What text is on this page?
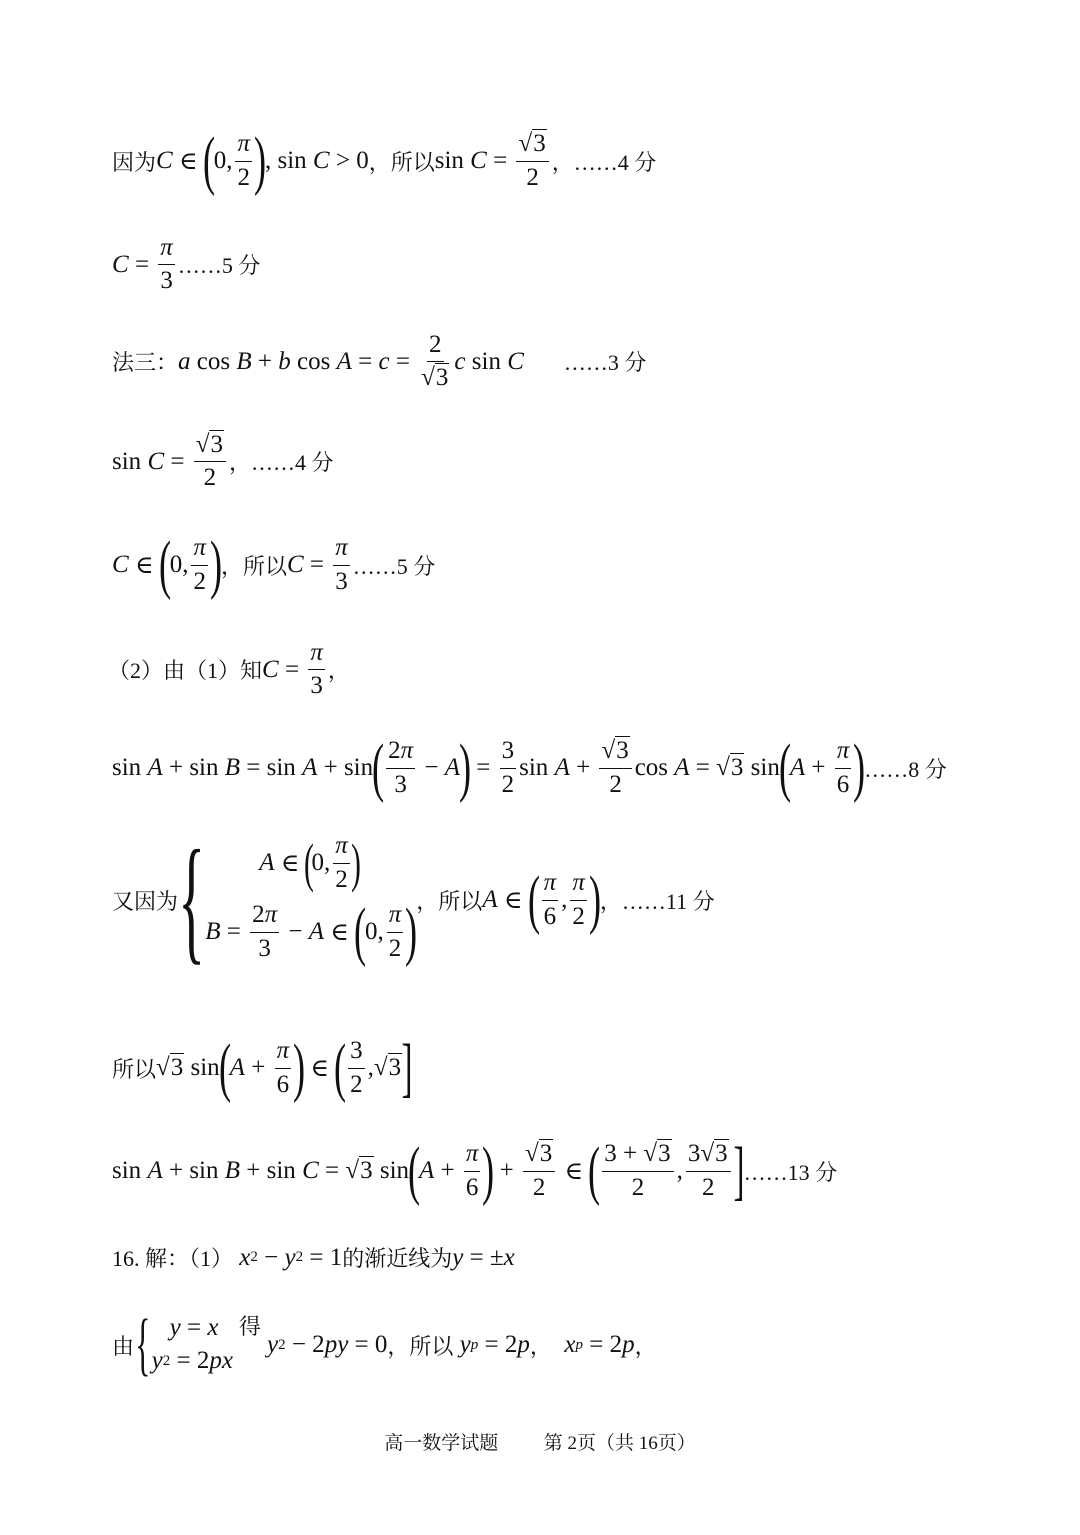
因为 C ∈
(
0, $\frac{\pi}{2}$ )
, sin C > 0 ，所以 $\sin C = \frac{√3}{2}$ ， ……4 分
$C = \frac{\pi}{3}$ ……5 分
法三： a cos B + b $\cos A = c = \frac{2}{√3}$ c sin C ……3 分
$\sin C = \frac{√3}{2}$ ，……4 分
C ∈
(
0, $\frac{\pi}{2}$ )
，所以 $C = \frac{\pi}{3}$ ……5 分
（2）由（1）知 $C = \frac{\pi}{3}$ ，
sin A + sin B = sin A + sin
( $\frac{2\pi}{3} - A$
)
= $\frac{3}{2}$ $\sin A + \frac{√3}{2}$ cos A = √3 sin
(
$A + \frac{\pi}{6}$ )
……8 分
又因为 { A ∈
(
0, $\frac{\pi}{2}$ )
$B = \frac{2\pi}{3} - A$ ∈
(
0, $\frac{\pi}{2}$ )
，所以 A ∈
( $\frac{\pi}{6}$ , $\frac{\pi}{2}$ )
，……11 分
所以 √3 sin
(
$A + \frac{\pi}{6}$ )
∈
( $\frac{3}{2}$ , √3 ]
sin A + sin B + sin C = √3 sin
(
$A + \frac{\pi}{6}$ )
+ $\frac{√3}{2}$ ∈
( $\frac{3 + √3}{2}$ , $\frac{3√3}{2}$ ] ……13 分
16. 解：（1）
x 2 − y 2 = 1 的渐近线为 y = ± x
由 { y = x
y 2 = 2 px
得
y 2 − 2 py = 0 ，所以
y p = 2 p ，
x p = 2 p ，
高一数学试题 第 2页（共 16页）
